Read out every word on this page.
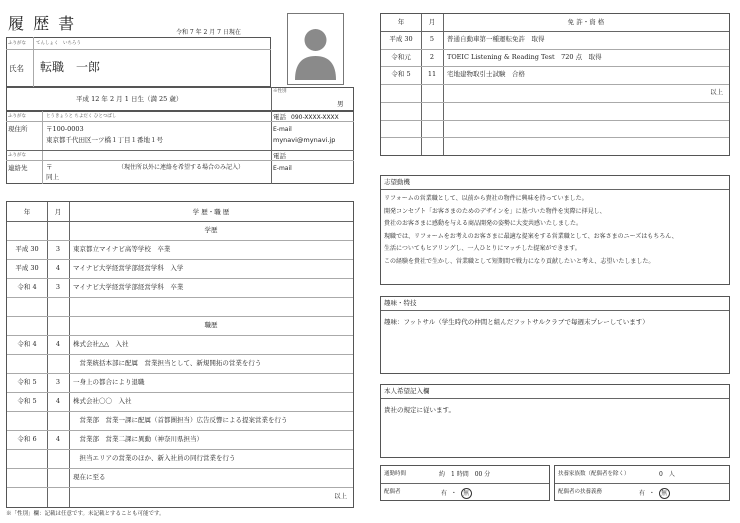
履 歴 書	令和 7 年 2 月 7 日現在
ふりがな てんしょく　いちろう
氏名 転職　一郎
平成 12 年 2 月 1 日生（満 25 歳）
※性別
男
ふりがな	とうきょうと ちよだく ひとつばし
現住所	〒100-0003
東京都千代田区一ツ橋１丁目１番地１号
電話 090-XXXX-XXXX
E-mail
mynavi@mynavi.jp
ふりがな	電話
連絡先	〒	（現住所以外に連絡を希望する場合のみ記入）
同上
E-mail
年	月	学 歴・職 歴
学歴
平成 30	3	東京都立マイナビ高等学校　卒業
平成 30	4	マイナビ大学経営学部経営学科　入学
令和 4	3	マイナビ大学経営学部経営学科　卒業
職歴
令和 4	4	株式会社△△　入社
　営業統括本部に配属　営業担当として、新規開拓の営業を行う
令和 5	3	一身上の都合により退職
令和 5	4	株式会社〇〇　入社
　営業部　営業一課に配属（首都圏担当）広告反響による提案営業を行う
令和 6	4	　営業部　営業二課に異動（神奈川県担当）
　担当エリアの営業のほか、新入社員の同行営業を行う
現在に至る
以上
※「性別」欄：記載は任意です。未記載とすることも可能です。
年	月	免 許・資 格
平成 30	5	普通自動車第一種運転免許　取得
令和元	2	TOEIC Listening & Reading Test　720 点　取得
令和 5	11	宅地建物取引士試験　合格
以上
志望動機
リフォームの営業職として、以前から貴社の物件に興味を持っていました。
開発コンセプト「お客さまのためのデザインを」に基づいた物件を実際に拝見し、
貴社のお客さまに感動を与える商品開発の姿勢に大変共感いたしました。
現職では、リフォームをお考えのお客さまに最適な提案をする営業職として、お客さまのニーズはもちろん、
生活についてもヒアリングし、一人ひとりにマッチした提案ができます。
この経験を貴社で生かし、営業職として短期間で戦力になり貢献したいと考え、志望いたしました。
趣味・特技
趣味：フットサル（学生時代の仲間と組んだフットサルクラブで毎週末プレーしています）
本人希望記入欄
貴社の規定に従います。
通勤時間	約　1 時間　00 分
配偶者	有 ・ 無
扶養家族数（配偶者を除く）	0　人
配偶者の扶養義務	有 ・ 無
